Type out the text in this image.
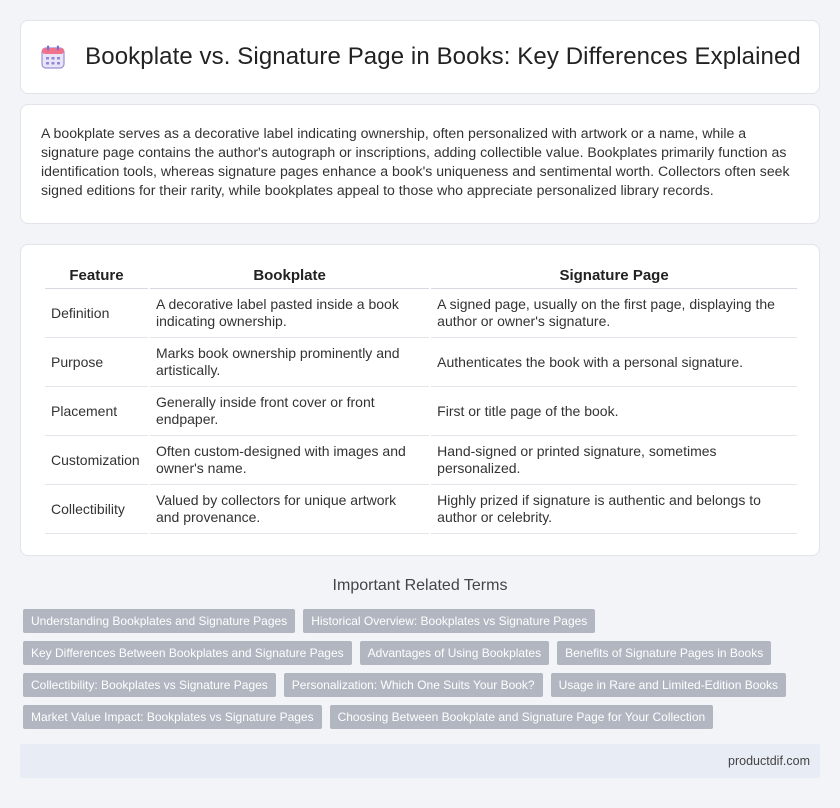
Bookplate vs. Signature Page in Books: Key Differences Explained

A bookplate serves as a decorative label indicating ownership, often personalized with artwork or a name, while a signature page contains the author's autograph or inscriptions, adding collectible value. Bookplates primarily function as identification tools, whereas signature pages enhance a book's uniqueness and sentimental worth. Collectors often seek signed editions for their rarity, while bookplates appeal to those who appreciate personalized library records.

Feature	Bookplate	Signature Page
Definition	A decorative label pasted inside a book indicating ownership.	A signed page, usually on the first page, displaying the author or owner's signature.
Purpose	Marks book ownership prominently and artistically.	Authenticates the book with a personal signature.
Placement	Generally inside front cover or front endpaper.	First or title page of the book.
Customization	Often custom-designed with images and owner's name.	Hand-signed or printed signature, sometimes personalized.
Collectibility	Valued by collectors for unique artwork and provenance.	Highly prized if signature is authentic and belongs to author or celebrity.
Important Related Terms
Understanding Bookplates and Signature Pages	Historical Overview: Bookplates vs Signature Pages
Key Differences Between Bookplates and Signature Pages	Advantages of Using Bookplates	Benefits of Signature Pages in Books
Collectibility: Bookplates vs Signature Pages	Personalization: Which One Suits Your Book?	Usage in Rare and Limited-Edition Books
Market Value Impact: Bookplates vs Signature Pages	Choosing Between Bookplate and Signature Page for Your Collection
productdif.com
